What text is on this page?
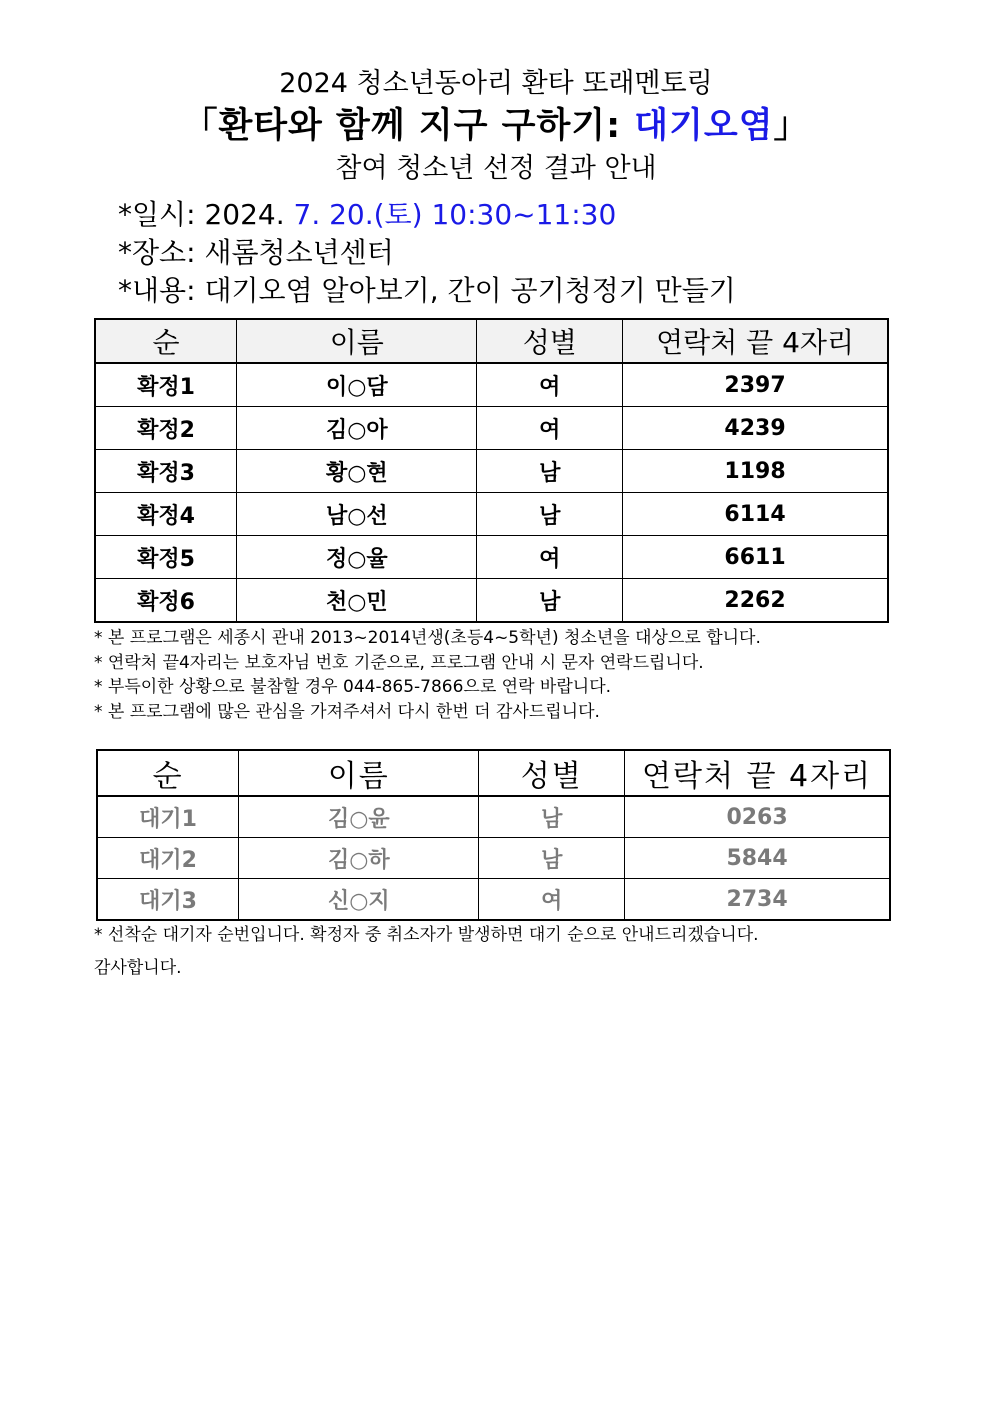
2024 청소년동아리 환타 또래멘토링
「환타와 함께 지구 구하기: 대기오염」
참여 청소년 선정 결과 안내
*일시: 2024. 7. 20.(토) 10:30~11:30
*장소: 새롬청소년센터
*내용: 대기오염 알아보기, 간이 공기청정기 만들기
순	이름	성별	연락처 끝 4자리
확정1	이○담	여	2397
확정2	김○아	여	4239
확정3	황○현	남	1198
확정4	남○선	남	6114
확정5	정○율	여	6611
확정6	천○민	남	2262
* 본 프로그램은 세종시 관내 2013~2014년생(초등4~5학년) 청소년을 대상으로 합니다.
* 연락처 끝4자리는 보호자님 번호 기준으로, 프로그램 안내 시 문자 연락드립니다.
* 부득이한 상황으로 불참할 경우 044-865-7866으로 연락 바랍니다.
* 본 프로그램에 많은 관심을 가져주셔서 다시 한번 더 감사드립니다.
순	이름	성별	연락처 끝 4자리
대기1	김○윤	남	0263
대기2	김○하	남	5844
대기3	신○지	여	2734
* 선착순 대기자 순번입니다. 확정자 중 취소자가 발생하면 대기 순으로 안내드리겠습니다.
감사합니다.
